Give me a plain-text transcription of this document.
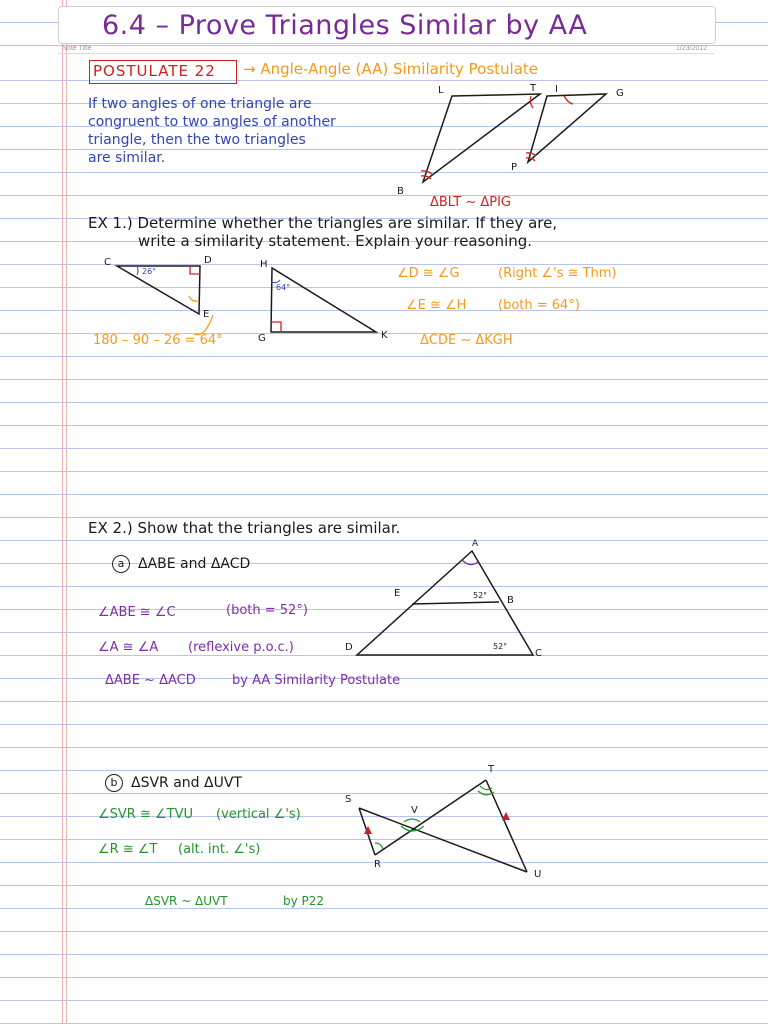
6.4 – Prove Triangles Similar by AA
Note Title	1/23/2012
POSTULATE 22 → Angle-Angle (AA) Similarity Postulate
If two angles of one triangle are
congruent to two angles of another
triangle, then the two triangles
are similar.
L	T I	G
B
P
ΔBLT ~ ΔPIG
EX 1.) Determine whether the triangles are similar. If they are,
write a similarity statement. Explain your reasoning.
C	D
E
26°
H
G	K
64°
180 – 90 – 26 = 64°
∠D ≅ ∠G	(Right ∠'s ≅ Thm)
∠E ≅ ∠H (both = 64°)
ΔCDE ~ ΔKGH
EX 2.) Show that the triangles are similar.
a ΔABE and ΔACD
A
E
B
D
C
52°
52°
∠ABE ≅ ∠C	(both = 52°)
∠A ≅ ∠A (reflexive p.o.c.)
ΔABE ~ ΔACD	by AA Similarity Postulate
b ΔSVR and ΔUVT
S
V
R
T
U
∠SVR ≅ ∠TVU (vertical ∠'s)
∠R ≅ ∠T (alt. int. ∠'s)
ΔSVR ~ ΔUVT	by P22
